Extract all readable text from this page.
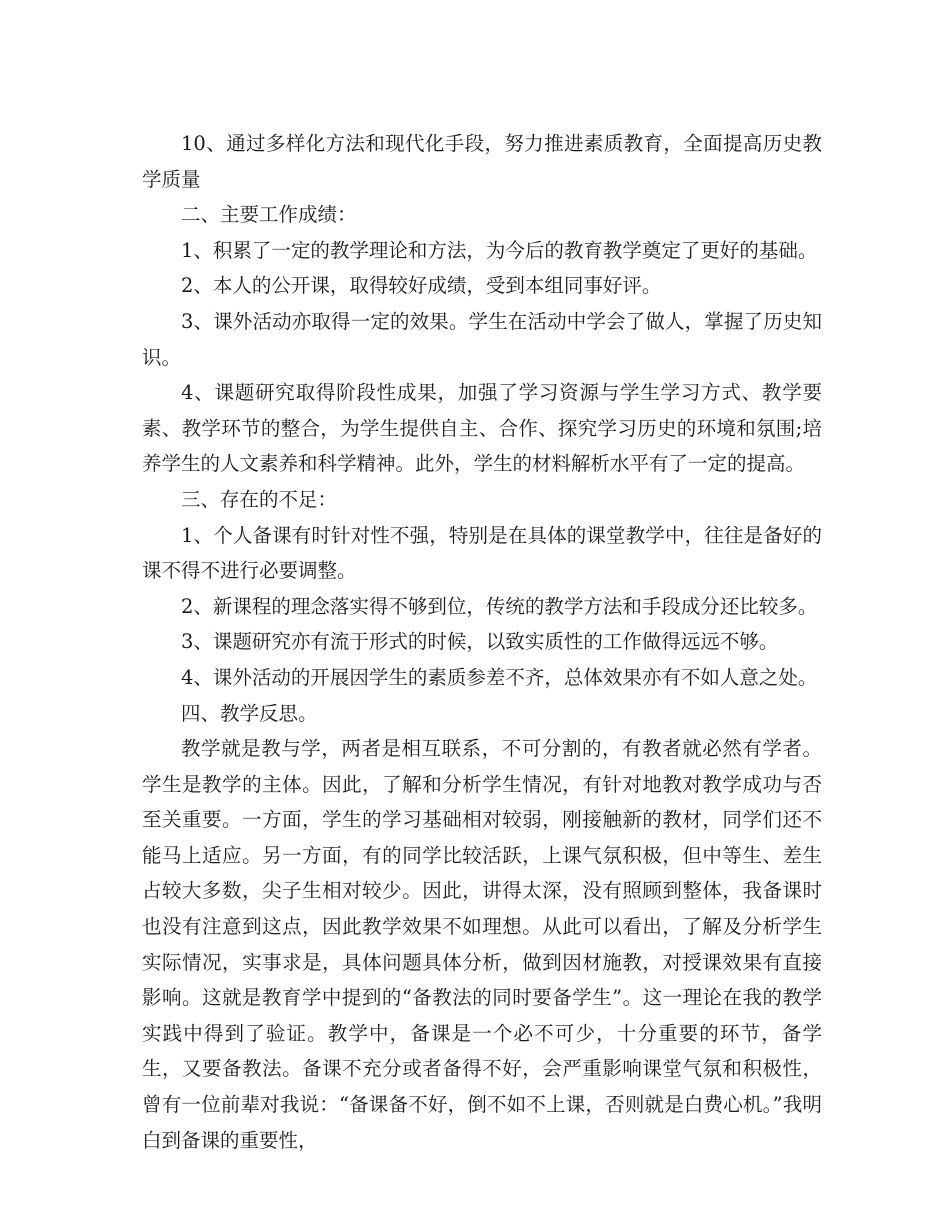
10、通过多样化方法和现代化手段，努力推进素质教育，全面提高历史教学质量

二、主要工作成绩：

1、积累了一定的教学理论和方法，为今后的教育教学奠定了更好的基础。

2、本人的公开课，取得较好成绩，受到本组同事好评。

3、课外活动亦取得一定的效果。学生在活动中学会了做人，掌握了历史知识。

4、课题研究取得阶段性成果，加强了学习资源与学生学习方式、教学要素、教学环节的整合，为学生提供自主、合作、探究学习历史的环境和氛围;培养学生的人文素养和科学精神。此外，学生的材料解析水平有了一定的提高。

三、存在的不足：

1、个人备课有时针对性不强，特别是在具体的课堂教学中，往往是备好的课不得不进行必要调整。

2、新课程的理念落实得不够到位，传统的教学方法和手段成分还比较多。

3、课题研究亦有流于形式的时候，以致实质性的工作做得远远不够。

4、课外活动的开展因学生的素质参差不齐，总体效果亦有不如人意之处。

四、教学反思。

教学就是教与学，两者是相互联系，不可分割的，有教者就必然有学者。学生是教学的主体。因此，了解和分析学生情况，有针对地教对教学成功与否至关重要。一方面，学生的学习基础相对较弱，刚接触新的教材，同学们还不能马上适应。另一方面，有的同学比较活跃，上课气氛积极，但中等生、差生占较大多数，尖子生相对较少。因此，讲得太深，没有照顾到整体，我备课时也没有注意到这点，因此教学效果不如理想。从此可以看出，了解及分析学生实际情况，实事求是，具体问题具体分析，做到因材施教，对授课效果有直接影响。这就是教育学中提到的“备教法的同时要备学生”。这一理论在我的教学实践中得到了验证。教学中，备课是一个必不可少，十分重要的环节，备学生，又要备教法。备课不充分或者备得不好，会严重影响课堂气氛和积极性，曾有一位前辈对我说：“备课备不好，倒不如不上课，否则就是白费心机。”我明白到备课的重要性，
